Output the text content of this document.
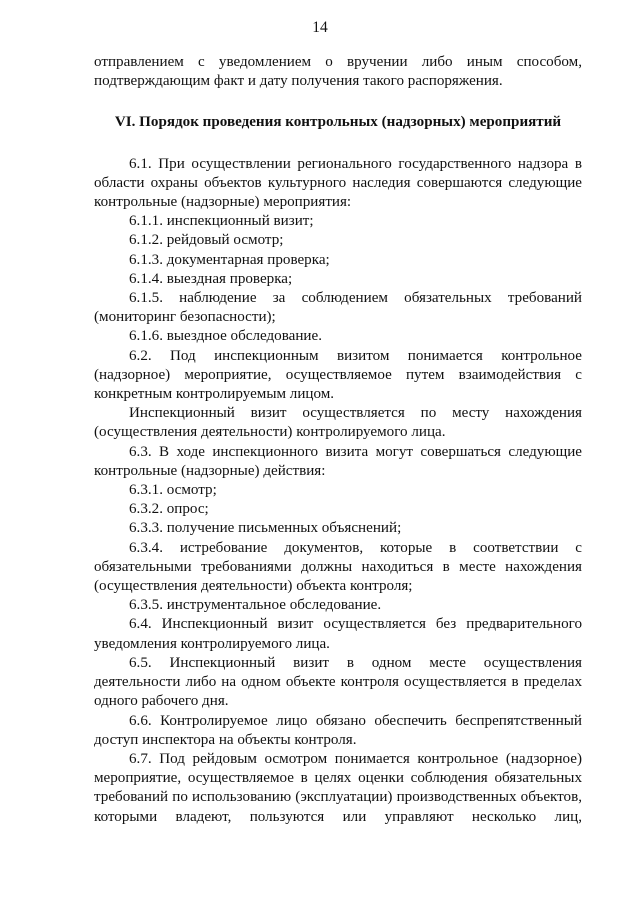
14

отправлением с уведомлением о вручении либо иным способом,

подтверждающим факт и дату получения такого распоряжения.

VI. Порядок проведения контрольных (надзорных) мероприятий

6.1. При осуществлении регионального государственного надзора в области охраны объектов культурного наследия совершаются следующие контрольные (надзорные) мероприятия:

6.1.1. инспекционный визит;

6.1.2. рейдовый осмотр;

6.1.3. документарная проверка;

6.1.4. выездная проверка;

6.1.5. наблюдение за соблюдением обязательных требований (мониторинг безопасности);

6.1.6. выездное обследование.

6.2. Под инспекционным визитом понимается контрольное (надзорное) мероприятие, осуществляемое путем взаимодействия с конкретным контролируемым лицом.

Инспекционный визит осуществляется по месту нахождения (осуществления деятельности) контролируемого лица.

6.3. В ходе инспекционного визита могут совершаться следующие контрольные (надзорные) действия:

6.3.1. осмотр;

6.3.2. опрос;

6.3.3. получение письменных объяснений;

6.3.4. истребование документов, которые в соответствии с обязательными требованиями должны находиться в месте нахождения (осуществления деятельности) объекта контроля;

6.3.5. инструментальное обследование.

6.4. Инспекционный визит осуществляется без предварительного уведомления контролируемого лица.

6.5. Инспекционный визит в одном месте осуществления деятельности либо на одном объекте контроля осуществляется в пределах одного рабочего дня.

6.6. Контролируемое лицо обязано обеспечить беспрепятственный доступ инспектора на объекты контроля.

6.7. Под рейдовым осмотром понимается контрольное (надзорное) мероприятие, осуществляемое в целях оценки соблюдения обязательных требований по использованию (эксплуатации) производственных объектов, которыми владеют, пользуются или управляют несколько лиц,
